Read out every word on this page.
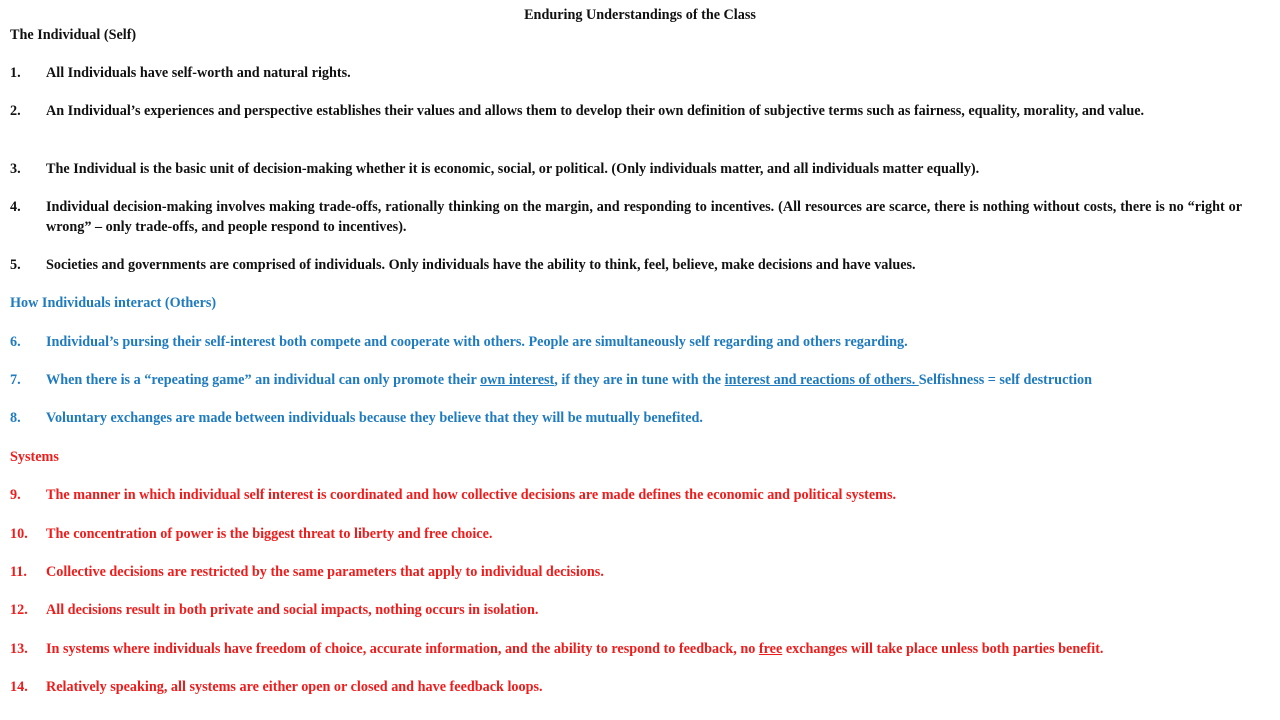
Enduring Understandings of the Class
The Individual (Self)
1.	All Individuals have self-worth and natural rights.
2.	An Individual’s experiences and perspective establishes their values and allows them to develop their own definition of subjective terms such as fairness, equality, morality, and value.
3.	The Individual is the basic unit of decision-making whether it is economic, social, or political. (Only individuals matter, and all individuals matter equally).
4.	Individual decision-making involves making trade-offs, rationally thinking on the margin, and responding to incentives. (All resources are scarce, there is nothing without costs, there is no “right or wrong” – only trade-offs, and people respond to incentives).
5.	Societies and governments are comprised of individuals. Only individuals have the ability to think, feel, believe, make decisions and have values.
How Individuals interact (Others)
6.	Individual’s pursing their self-interest both compete and cooperate with others. People are simultaneously self regarding and others regarding.
7.	When there is a “repeating game” an individual can only promote their own interest, if they are in tune with the interest and reactions of others. Selfishness = self destruction
8.	Voluntary exchanges are made between individuals because they believe that they will be mutually benefited.
Systems
9.	The manner in which individual self interest is coordinated and how collective decisions are made defines the economic and political systems.
10.	The concentration of power is the biggest threat to liberty and free choice.
11.	Collective decisions are restricted by the same parameters that apply to individual decisions.
12.	All decisions result in both private and social impacts, nothing occurs in isolation.
13.	In systems where individuals have freedom of choice, accurate information, and the ability to respond to feedback, no free exchanges will take place unless both parties benefit.
14.	Relatively speaking, all systems are either open or closed and have feedback loops.
